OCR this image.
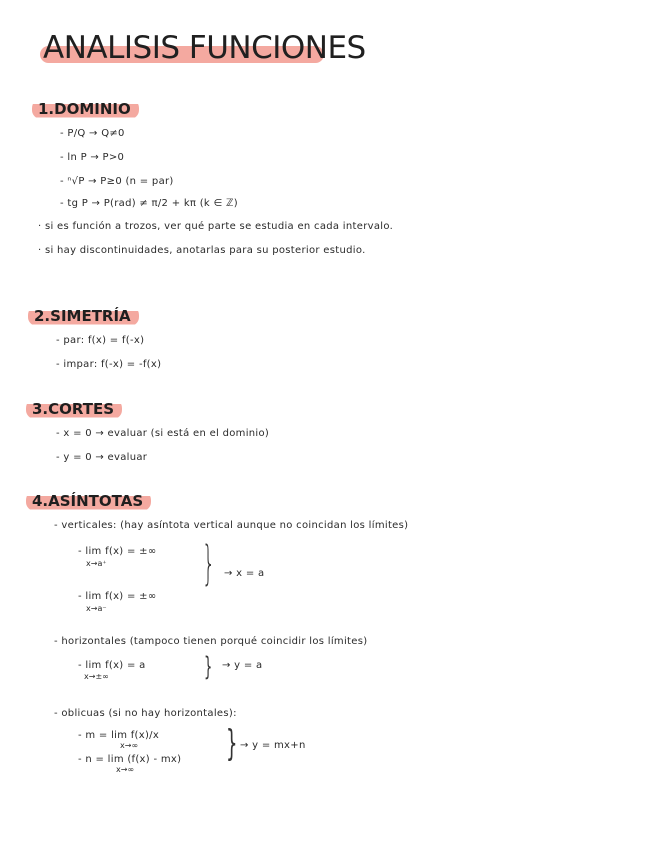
ANALISIS FUNCIONES
1.DOMINIO
- P/Q → Q≠0
- ln P → P>0
- ⁿ√P → P≥0 (n = par)
- tg P → P(rad) ≠ π/2 + kπ (k ∈ ℤ)
· si es función a trozos, ver qué parte se estudia en cada intervalo.
· si hay discontinuidades, anotarlas para su posterior estudio.
2.SIMETRÍA
- par: f(x) = f(-x)
- impar: f(-x) = -f(x)
3.CORTES
- x = 0 → evaluar (si está en el dominio)
- y = 0 → evaluar
4.ASÍNTOTAS
- verticales: (hay asíntota vertical aunque no coincidan los límites)
- lim f(x) = ±∞
x→a⁺
- lim f(x) = ±∞
x→a⁻
} → x = a
- horizontales (tampoco tienen porqué coincidir los límites)
- lim f(x) = a
x→±∞	} → y = a
- oblicuas (si no hay horizontales):
- m = lim f(x)/x
x→∞
- n = lim (f(x) - mx)
x→∞
} → y = mx+n
